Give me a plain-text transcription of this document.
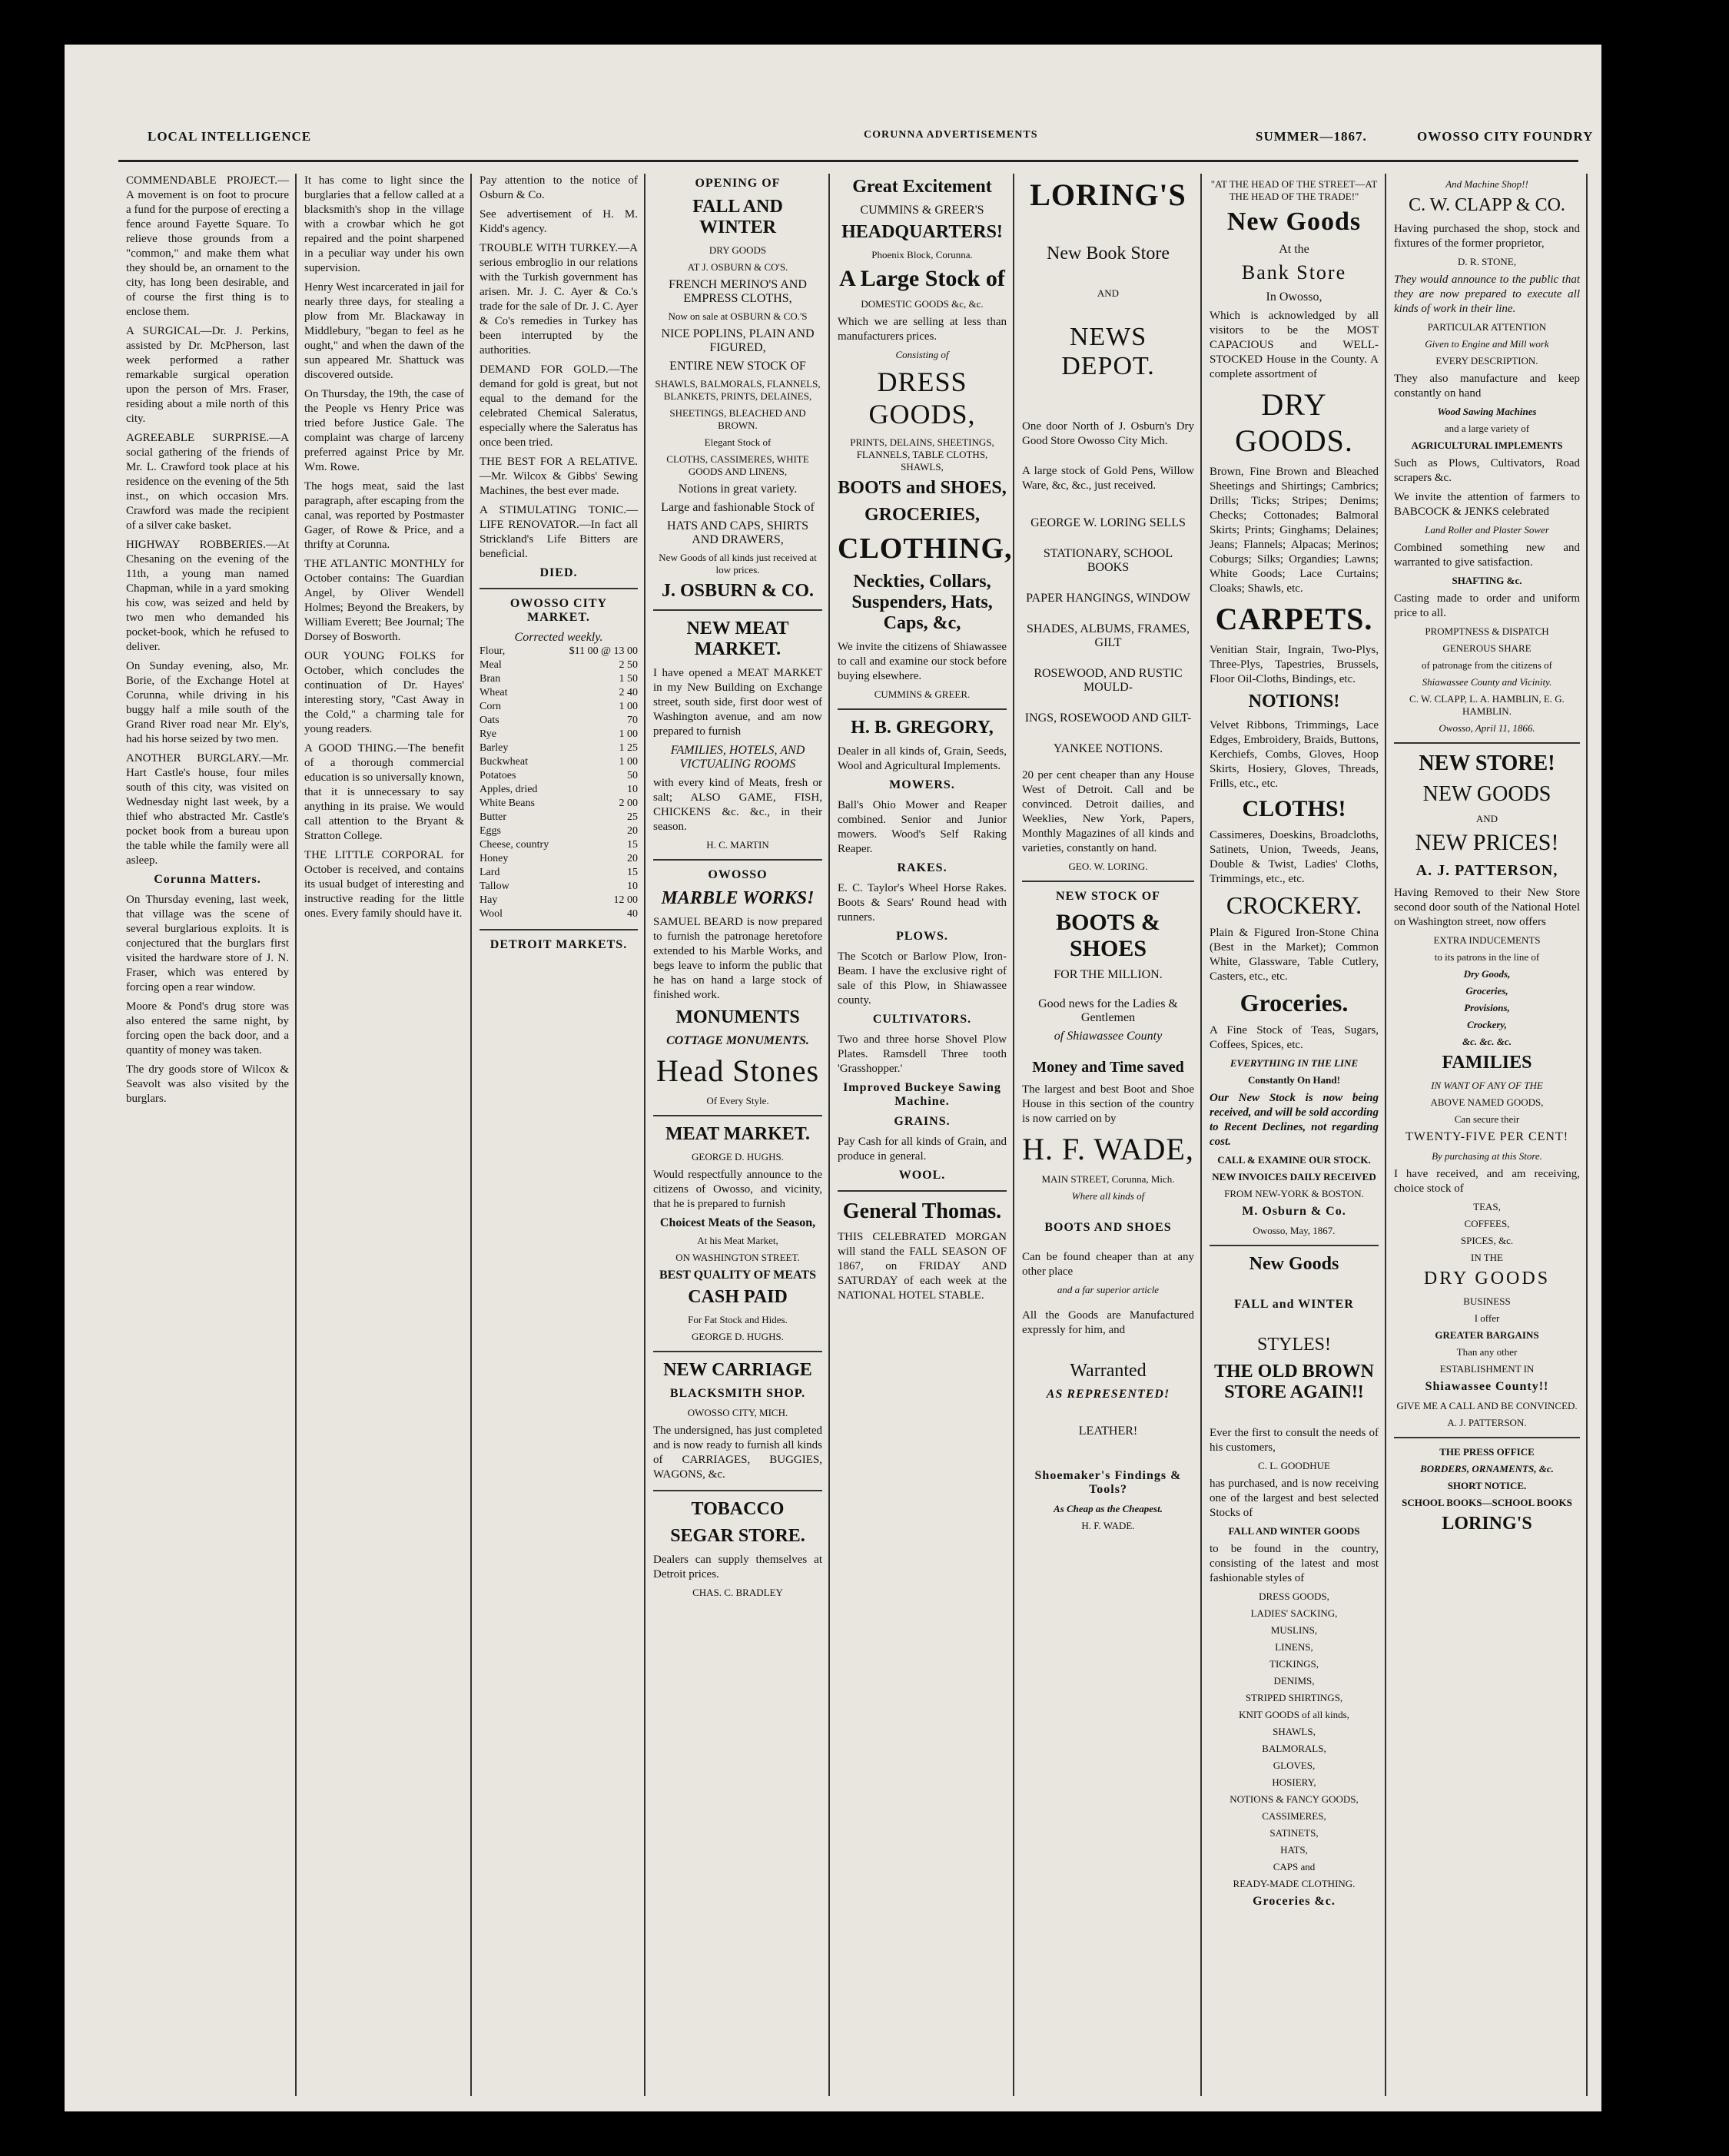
LOCAL INTELLIGENCE	CORUNNA ADVERTISEMENTS	SUMMER—1867.	OWOSSO CITY FOUNDRY

COMMENDABLE PROJECT.—A movement is on foot to procure a fund for the purpose of erecting a fence around Fayette Square. To relieve those grounds from a "common," and make them what they should be, an ornament to the city, has long been desirable, and of course the first thing is to enclose them.

A SURGICAL—Dr. J. Perkins, assisted by Dr. McPherson, last week performed a rather remarkable surgical operation upon the person of Mrs. Fraser, residing about a mile north of this city.

AGREEABLE SURPRISE.—A social gathering of the friends of Mr. L. Crawford took place at his residence on the evening of the 5th inst., on which occasion Mrs. Crawford was made the recipient of a silver cake basket.

HIGHWAY ROBBERIES.—At Chesaning on the evening of the 11th, a young man named Chapman, while in a yard smoking his cow, was seized and held by two men who demanded his pocket-book, which he refused to deliver.

On Sunday evening, also, Mr. Borie, of the Exchange Hotel at Corunna, while driving in his buggy half a mile south of the Grand River road near Mr. Ely's, had his horse seized by two men.

ANOTHER BURGLARY.—Mr. Hart Castle's house, four miles south of this city, was visited on Wednesday night last week, by a thief who abstracted Mr. Castle's pocket book from a bureau upon the table while the family were all asleep.

Corunna Matters.

On Thursday evening, last week, that village was the scene of several burglarious exploits. It is conjectured that the burglars first visited the hardware store of J. N. Fraser, which was entered by forcing open a rear window.

Moore & Pond's drug store was also entered the same night, by forcing open the back door, and a quantity of money was taken.

The dry goods store of Wilcox & Seavolt was also visited by the burglars.

It has come to light since the burglaries that a fellow called at a blacksmith's shop in the village with a crowbar which he got repaired and the point sharpened in a peculiar way under his own supervision.

Henry West incarcerated in jail for nearly three days, for stealing a plow from Mr. Blackaway in Middlebury, "began to feel as he ought," and when the dawn of the sun appeared Mr. Shattuck was discovered outside.

On Thursday, the 19th, the case of the People vs Henry Price was tried before Justice Gale. The complaint was charge of larceny preferred against Price by Mr. Wm. Rowe.

The hogs meat, said the last paragraph, after escaping from the canal, was reported by Postmaster Gager, of Rowe & Price, and a thrifty at Corunna.

THE ATLANTIC MONTHLY for October contains: The Guardian Angel, by Oliver Wendell Holmes; Beyond the Breakers, by William Everett; Bee Journal; The Dorsey of Bosworth.

OUR YOUNG FOLKS for October, which concludes the continuation of Dr. Hayes' interesting story, "Cast Away in the Cold," a charming tale for young readers.

A GOOD THING.—The benefit of a thorough commercial education is so universally known, that it is unnecessary to say anything in its praise. We would call attention to the Bryant & Stratton College.

THE LITTLE CORPORAL for October is received, and contains its usual budget of interesting and instructive reading for the little ones. Every family should have it.

Pay attention to the notice of Osburn & Co.

See advertisement of H. M. Kidd's agency.

TROUBLE WITH TURKEY.—A serious embroglio in our relations with the Turkish government has arisen. Mr. J. C. Ayer & Co.'s trade for the sale of Dr. J. C. Ayer & Co's remedies in Turkey has been interrupted by the authorities.

DEMAND FOR GOLD.—The demand for gold is great, but not equal to the demand for the celebrated Chemical Saleratus, especially where the Saleratus has once been tried.

THE BEST FOR A RELATIVE.—Mr. Wilcox & Gibbs' Sewing Machines, the best ever made.

A STIMULATING TONIC.—LIFE RENOVATOR.—In fact all Strickland's Life Bitters are beneficial.

DIED.
OWOSSO CITY MARKET.
Corrected weekly.
Flour,	$11 00 @ 13 00
Meal	2 50
Bran	1 50
Wheat	2 40
Corn	1 00
Oats	70
Rye	1 00
Barley	1 25
Buckwheat	1 00
Potatoes	50
Apples, dried	10
White Beans	2 00
Butter	25
Eggs	20
Cheese, country	15
Honey	20
Lard	15
Tallow	10
Hay	12 00
Wool	40
DETROIT MARKETS.
OPENING OF
FALL AND WINTER
DRY GOODS
AT J. OSBURN & CO'S.
FRENCH MERINO'S AND EMPRESS CLOTHS,
Now on sale at OSBURN & CO.'S
NICE POPLINS, PLAIN AND FIGURED,
ENTIRE NEW STOCK OF
SHAWLS, BALMORALS, FLANNELS, BLANKETS, PRINTS, DELAINES,
SHEETINGS, BLEACHED AND BROWN.
Elegant Stock of
CLOTHS, CASSIMERES, WHITE GOODS AND LINENS,
Notions in great variety.
Large and fashionable Stock of
HATS AND CAPS, SHIRTS AND DRAWERS,
New Goods of all kinds just received at low prices.
J. OSBURN & CO.
NEW MEAT MARKET.

I have opened a MEAT MARKET in my New Building on Exchange street, south side, first door west of Washington avenue, and am now prepared to furnish

FAMILIES, HOTELS, AND VICTUALING ROOMS

with every kind of Meats, fresh or salt; ALSO GAME, FISH, CHICKENS &c. &c., in their season.

H. C. MARTIN
OWOSSO
MARBLE WORKS!

SAMUEL BEARD is now prepared to furnish the patronage heretofore extended to his Marble Works, and begs leave to inform the public that he has on hand a large stock of finished work.

MONUMENTS
COTTAGE MONUMENTS.
Head Stones
Of Every Style.
MEAT MARKET.
GEORGE D. HUGHS.

Would respectfully announce to the citizens of Owosso, and vicinity, that he is prepared to furnish

Choicest Meats of the Season,
At his Meat Market,
ON WASHINGTON STREET.
BEST QUALITY OF MEATS
CASH PAID
For Fat Stock and Hides.
GEORGE D. HUGHS.
NEW CARRIAGE
BLACKSMITH SHOP.
OWOSSO CITY, MICH.

The undersigned, has just completed and is now ready to furnish all kinds of CARRIAGES, BUGGIES, WAGONS, &c.

TOBACCO
SEGAR STORE.

Dealers can supply themselves at Detroit prices.

CHAS. C. BRADLEY
Great Excitement
CUMMINS & GREER'S
HEADQUARTERS!
Phoenix Block, Corunna.
A Large Stock of
DOMESTIC GOODS &c, &c.

Which we are selling at less than manufacturers prices.

Consisting of
DRESS GOODS,
PRINTS, DELAINS, SHEETINGS, FLANNELS, TABLE CLOTHS, SHAWLS,
BOOTS and SHOES,
GROCERIES,
CLOTHING,
Neckties, Collars, Suspenders, Hats, Caps, &c,

We invite the citizens of Shiawassee to call and examine our stock before buying elsewhere.

CUMMINS & GREER.
H. B. GREGORY,

Dealer in all kinds of, Grain, Seeds, Wool and Agricultural Implements.

MOWERS.

Ball's Ohio Mower and Reaper combined. Senior and Junior mowers. Wood's Self Raking Reaper.

RAKES.

E. C. Taylor's Wheel Horse Rakes. Boots & Sears' Round head with runners.

PLOWS.

The Scotch or Barlow Plow, Iron-Beam. I have the exclusive right of sale of this Plow, in Shiawassee county.

CULTIVATORS.

Two and three horse Shovel Plow Plates. Ramsdell Three tooth 'Grasshopper.'

Improved Buckeye Sawing Machine.
GRAINS.

Pay Cash for all kinds of Grain, and produce in general.

WOOL.
General Thomas.

THIS CELEBRATED MORGAN will stand the FALL SEASON OF 1867, on FRIDAY AND SATURDAY of each week at the NATIONAL HOTEL STABLE.

LORING'S
New Book Store
AND
NEWS DEPOT.

One door North of J. Osburn's Dry Good Store Owosso City Mich.

A large stock of Gold Pens, Willow Ware, &c, &c., just received.

GEORGE W. LORING SELLS
STATIONARY, SCHOOL BOOKS
PAPER HANGINGS, WINDOW
SHADES, ALBUMS, FRAMES, GILT
ROSEWOOD, AND RUSTIC MOULD-
INGS, ROSEWOOD AND GILT-
YANKEE NOTIONS.

20 per cent cheaper than any House West of Detroit. Call and be convinced. Detroit dailies, and Weeklies, New York, Papers, Monthly Magazines of all kinds and varieties, constantly on hand.

GEO. W. LORING.
NEW STOCK OF
BOOTS & SHOES
FOR THE MILLION.
Good news for the Ladies & Gentlemen
of Shiawassee County
Money and Time saved

The largest and best Boot and Shoe House in this section of the country is now carried on by

H. F. WADE,
MAIN STREET, Corunna, Mich.
Where all kinds of
BOOTS AND SHOES

Can be found cheaper than at any other place

and a far superior article

All the Goods are Manufactured expressly for him, and

Warranted
AS REPRESENTED!
LEATHER!
Shoemaker's Findings & Tools?
As Cheap as the Cheapest.
H. F. WADE.
"AT THE HEAD OF THE STREET—AT THE HEAD OF THE TRADE!"
New Goods
At the
Bank Store
In Owosso,

Which is acknowledged by all visitors to be the MOST CAPACIOUS and WELL-STOCKED House in the County. A complete assortment of

DRY GOODS.

Brown, Fine Brown and Bleached Sheetings and Shirtings; Cambrics; Drills; Ticks; Stripes; Denims; Checks; Cottonades; Balmoral Skirts; Prints; Ginghams; Delaines; Jeans; Flannels; Alpacas; Merinos; Coburgs; Silks; Organdies; Lawns; White Goods; Lace Curtains; Cloaks; Shawls, etc.

CARPETS.

Venitian Stair, Ingrain, Two-Plys, Three-Plys, Tapestries, Brussels, Floor Oil-Cloths, Bindings, etc.

NOTIONS!

Velvet Ribbons, Trimmings, Lace Edges, Embroidery, Braids, Buttons, Kerchiefs, Combs, Gloves, Hoop Skirts, Hosiery, Gloves, Threads, Frills, etc., etc.

CLOTHS!

Cassimeres, Doeskins, Broadcloths, Satinets, Union, Tweeds, Jeans, Double & Twist, Ladies' Cloths, Trimmings, etc., etc.

CROCKERY.

Plain & Figured Iron-Stone China (Best in the Market); Common White, Glassware, Table Cutlery, Casters, etc., etc.

Groceries.

A Fine Stock of Teas, Sugars, Coffees, Spices, etc.

EVERYTHING IN THE LINE
Constantly On Hand!

Our New Stock is now being received, and will be sold according to Recent Declines, not regarding cost.

CALL & EXAMINE OUR STOCK.
NEW INVOICES DAILY RECEIVED
FROM NEW-YORK & BOSTON.
M. Osburn & Co.
Owosso, May, 1867.
New Goods
FALL and WINTER
STYLES!
THE OLD BROWN STORE AGAIN!!

Ever the first to consult the needs of his customers,

C. L. GOODHUE

has purchased, and is now receiving one of the largest and best selected Stocks of

FALL AND WINTER GOODS

to be found in the country, consisting of the latest and most fashionable styles of

DRESS GOODS,
LADIES' SACKING,
MUSLINS,
LINENS,
TICKINGS,
DENIMS,
STRIPED SHIRTINGS,
KNIT GOODS of all kinds,
SHAWLS,
BALMORALS,
GLOVES,
HOSIERY,
NOTIONS & FANCY GOODS,
CASSIMERES,
SATINETS,
HATS,
CAPS and
READY-MADE CLOTHING.
Groceries &c.
And Machine Shop!!
C. W. CLAPP & CO.

Having purchased the shop, stock and fixtures of the former proprietor,

D. R. STONE,

They would announce to the public that they are now prepared to execute all kinds of work in their line.

PARTICULAR ATTENTION
Given to Engine and Mill work
EVERY DESCRIPTION.

They also manufacture and keep constantly on hand

Wood Sawing Machines
and a large variety of
AGRICULTURAL IMPLEMENTS

Such as Plows, Cultivators, Road scrapers &c.

We invite the attention of farmers to BABCOCK & JENKS celebrated

Land Roller and Plaster Sower

Combined something new and warranted to give satisfaction.

SHAFTING &c.

Casting made to order and uniform price to all.

PROMPTNESS & DISPATCH
GENEROUS SHARE
of patronage from the citizens of
Shiawassee County and Vicinity.
C. W. CLAPP, L. A. HAMBLIN, E. G. HAMBLIN.
Owosso, April 11, 1866.
NEW STORE!
NEW GOODS
AND
NEW PRICES!
A. J. PATTERSON,

Having Removed to their New Store second door south of the National Hotel on Washington street, now offers

EXTRA INDUCEMENTS
to its patrons in the line of
Dry Goods,
Groceries,
Provisions,
Crockery,
&c. &c. &c.
FAMILIES
IN WANT OF ANY OF THE
ABOVE NAMED GOODS,
Can secure their
TWENTY-FIVE PER CENT!
By purchasing at this Store.

I have received, and am receiving, choice stock of

TEAS,
COFFEES,
SPICES, &c.
IN THE
DRY GOODS
BUSINESS
I offer
GREATER BARGAINS
Than any other
ESTABLISHMENT IN
Shiawassee County!!
GIVE ME A CALL AND BE CONVINCED.
A. J. PATTERSON.
THE PRESS OFFICE
BORDERS, ORNAMENTS, &c.
SHORT NOTICE.
SCHOOL BOOKS—SCHOOL BOOKS
LORING'S
